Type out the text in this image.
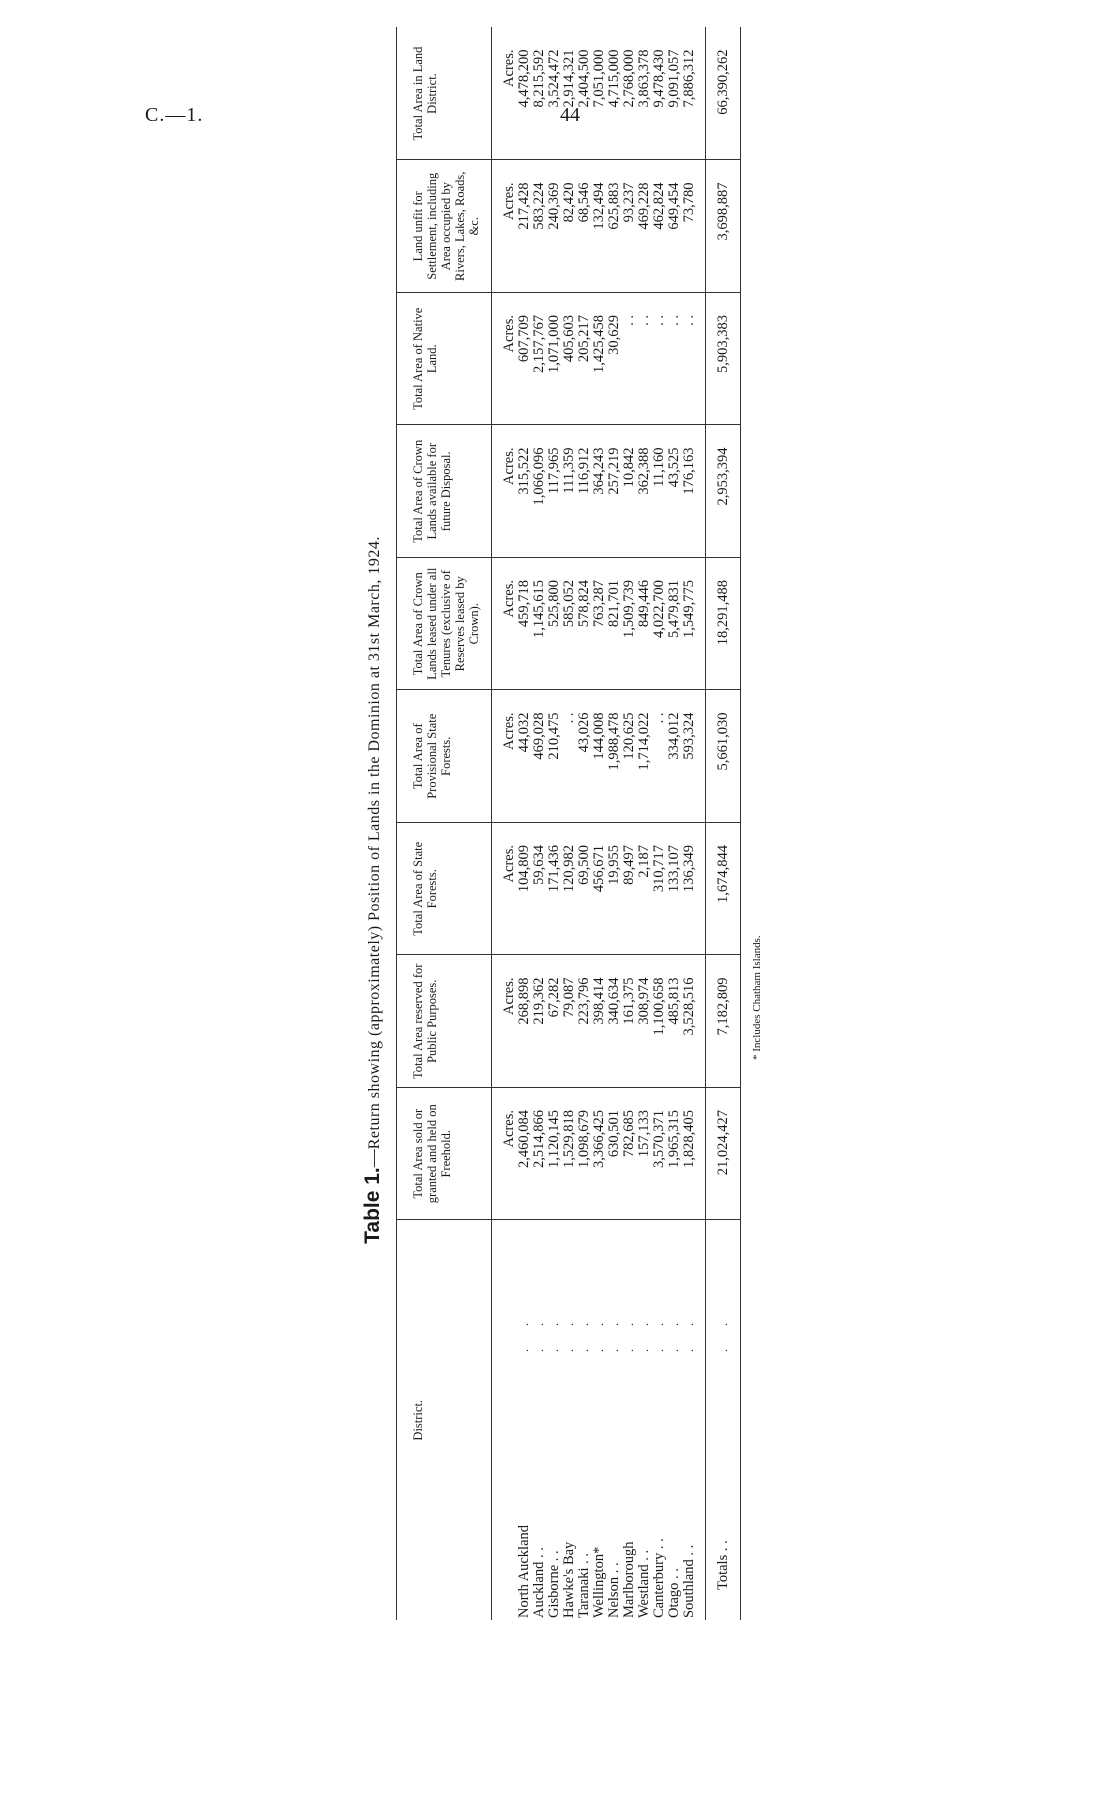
C.—1.	44
Table 1.—Return showing (approximately) Position of Lands in the Dominion at 31st March, 1924.
District.		Total Area sold or granted and held on Freehold.	Total Area reserved for Public Purposes.	Total Area of State Forests.	Total Area of Provisional State Forests.	Total Area of Crown Lands leased under all Tenures (exclusive of Reserves leased by Crown).	Total Area of Crown Lands available for future Disposal.	Total Area of Native Land.	Land unfit for Settlement, including Area occupied by Rivers, Lakes, Roads, &c.	Total Area in Land District.
		Acres.	Acres.	Acres.	Acres.	Acres.	Acres.	Acres.	Acres.	Acres.
North Auckland	. .	2,460,084	268,898	104,809	44,032	459,718	315,522	607,709	217,428	4,478,200
Auckland . .	. .	2,514,866	219,362	59,634	469,028	1,145,615	1,066,096	2,157,767	583,224	8,215,592
Gisborne . .	. .	1,120,145	67,282	171,436	210,475	525,800	117,965	1,071,000	240,369	3,524,472
Hawke's Bay	. .	1,529,818	79,087	120,982	. .	585,052	111,359	405,603	82,420	2,914,321
Taranaki . .	. .	1,098,679	223,796	69,500	43,026	578,824	116,912	205,217	68,546	2,404,500
Wellington*	. .	3,366,425	398,414	456,671	144,008	763,287	364,243	1,425,458	132,494	7,051,000
Nelson . .	. .	630,501	340,634	19,955	1,988,478	821,701	257,219	30,629	625,883	4,715,000
Marlborough	. .	782,685	161,375	89,497	120,625	1,509,739	10,842	. .	93,237	2,768,000
Westland . .	. .	157,133	308,974	2,187	1,714,022	849,446	362,388	. .	469,228	3,863,378
Canterbury . .	. .	3,570,371	1,100,658	310,717	. .	4,022,700	11,160	. .	462,824	9,478,430
Otago . .	. .	1,965,315	485,813	133,107	334,012	5,479,831	43,525	. .	649,454	9,091,057
Southland . .	. .	1,828,405	3,528,516	136,349	593,324	1,549,775	176,163	. .	73,780	7,886,312
Totals . .	. .	21,024,427	7,182,809	1,674,844	5,661,030	18,291,488	2,953,394	5,903,383	3,698,887	66,390,262
* Includes Chatham Islands.
